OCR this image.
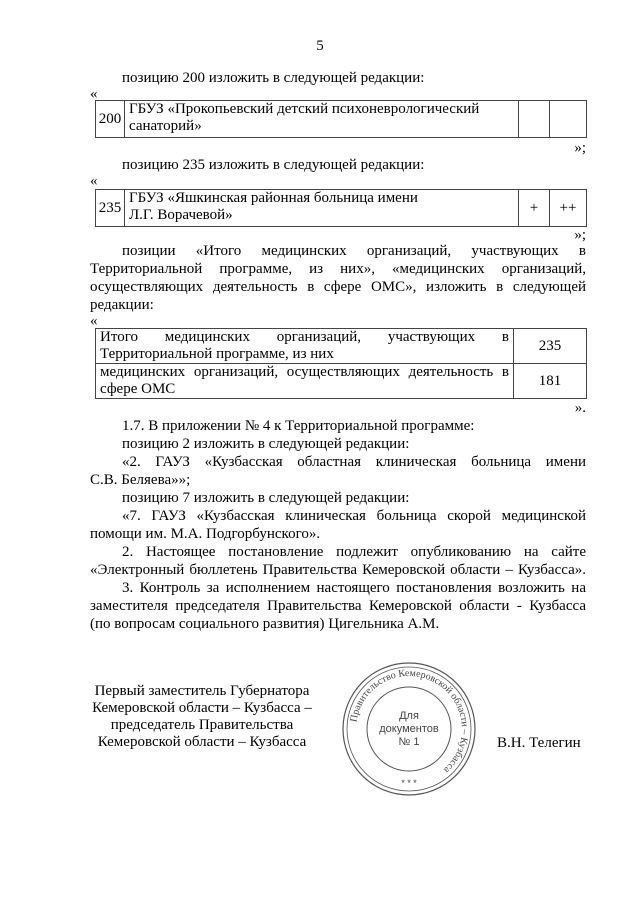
5
позицию 200 изложить в следующей редакции:
«
200	ГБУЗ «Прокопьевский детский психоневрологический
санаторий»		
»;
позицию 235 изложить в следующей редакции:
«
235	ГБУЗ «Яшкинская районная больница имени
Л.Г. Ворачевой»	+	++
»;
позиции «Итого медицинских организаций, участвующих в
Территориальной программе, из них», «медицинских организаций,
осуществляющих деятельность в сфере ОМС», изложить в следующей
редакции:
«
Итого медицинских организаций, участвующих в
Территориальной программе, из них	235

медицинских организаций, осуществляющих деятельность в
сфере ОМС	181
».
1.7. В приложении № 4 к Территориальной программе:
позицию 2 изложить в следующей редакции:
«2. ГАУЗ «Кузбасская областная клиническая больница имени
С.В. Беляева»»;
позицию 7 изложить в следующей редакции:
«7. ГАУЗ «Кузбасская клиническая больница скорой медицинской
помощи им. М.А. Подгорбунского».
2. Настоящее постановление подлежит опубликованию на сайте
«Электронный бюллетень Правительства Кемеровской области – Кузбасса».
3. Контроль за исполнением настоящего постановления возложить на
заместителя председателя Правительства Кемеровской области - Кузбасса
(по вопросам социального развития) Цигельника А.М.
Первый заместитель Губернатора
Кемеровской области – Кузбасса –
председатель Правительства
Кемеровской области – Кузбасса
Правительство Кемеровской области – Кузбасса
Для
документов
№ 1
* * *
В.Н. Телегин
